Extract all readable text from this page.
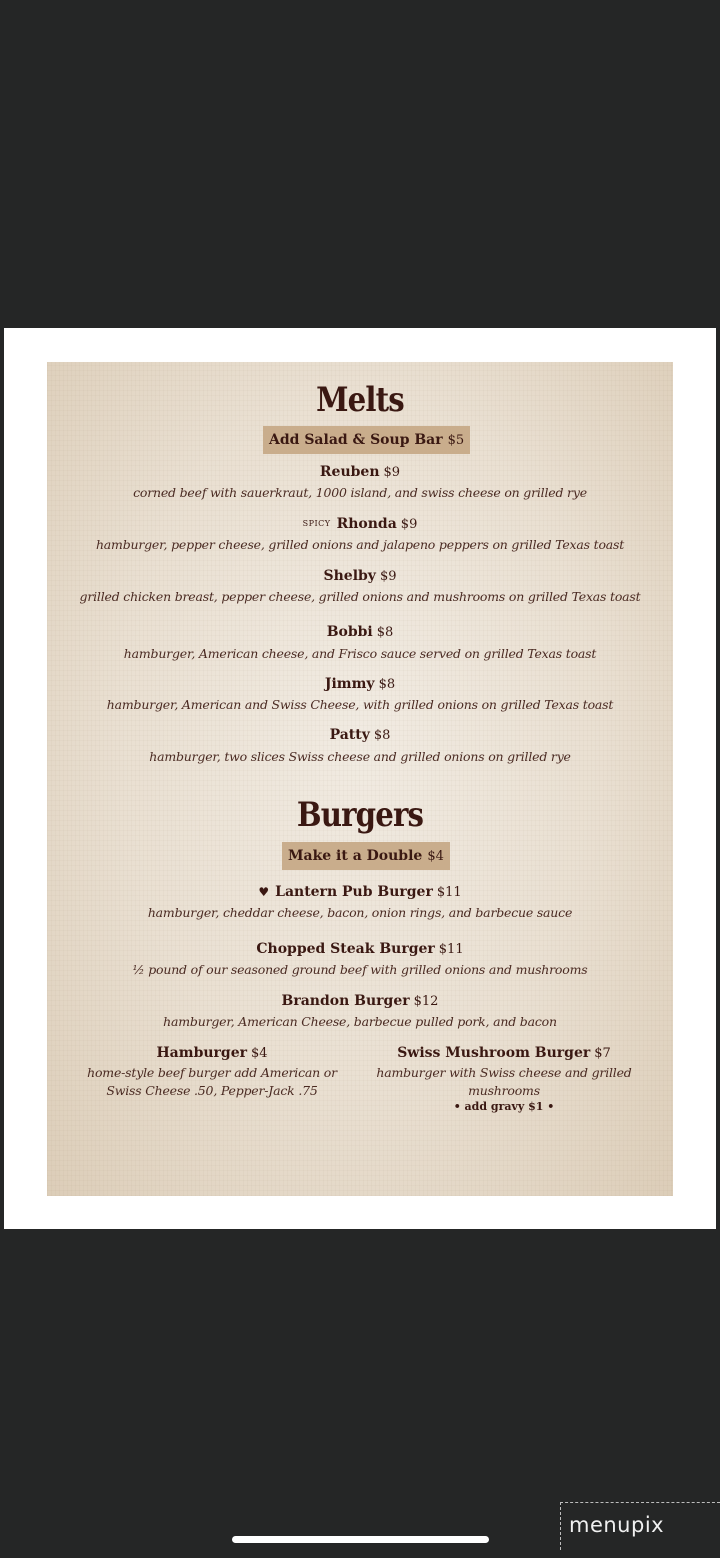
Melts
Add Salad & Soup Bar $5
Reuben $9
corned beef with sauerkraut, 1000 island, and swiss cheese on grilled rye
SPICY Rhonda $9
hamburger, pepper cheese, grilled onions and jalapeno peppers on grilled Texas toast
Shelby $9
grilled chicken breast, pepper cheese, grilled onions and mushrooms on grilled Texas toast
Bobbi $8
hamburger, American cheese, and Frisco sauce served on grilled Texas toast
Jimmy $8
hamburger, American and Swiss Cheese, with grilled onions on grilled Texas toast
Patty $8
hamburger, two slices Swiss cheese and grilled onions on grilled rye
Burgers
Make it a Double $4
♥ Lantern Pub Burger $11
hamburger, cheddar cheese, bacon, onion rings, and barbecue sauce
Chopped Steak Burger $11
½ pound of our seasoned ground beef with grilled onions and mushrooms
Brandon Burger $12
hamburger, American Cheese, barbecue pulled pork, and bacon
Hamburger $4
home-style beef burger add American or
Swiss Cheese .50, Pepper-Jack .75
Swiss Mushroom Burger $7
hamburger with Swiss cheese and grilled
mushrooms
• add gravy $1 •
menupix
